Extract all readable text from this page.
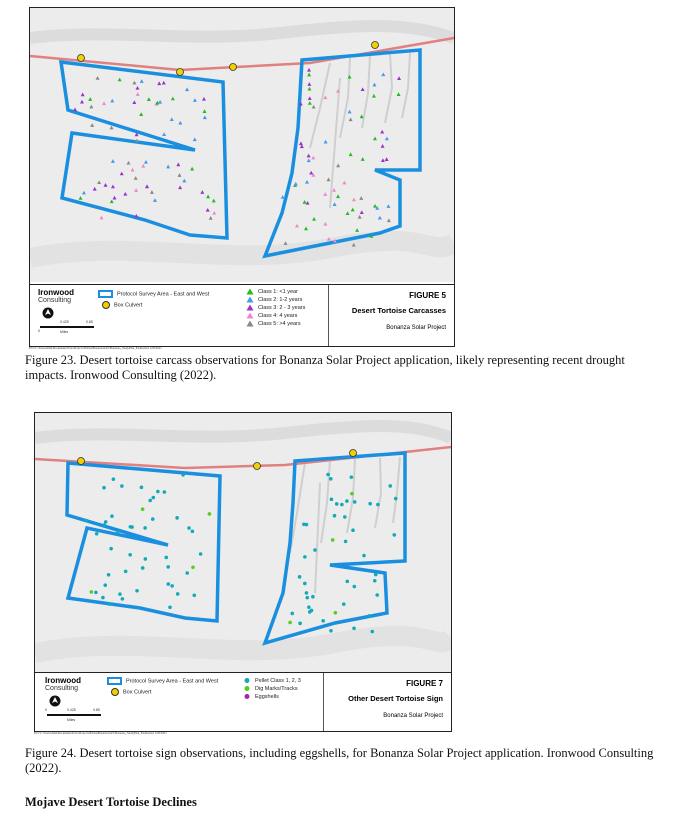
Ironwood
Consulting
0
0.425	0.85
Miles
Protocol Survey Area - East and West
Box Culvert
Class 1: <1 year
Class 2: 1-2 years
Class 3: 2 - 3 years
Class 4: 4 years
Class 5: >4 years
FIGURE 5
Desert Tortoise Carcasses
Bonanza Solar Project
EV2 C:\Users\dmd\Documents\ProGIS\ArcGIS\DataBonanza\GIS\Bonanza_StudyPlan_Exam.mxd 12/8/2021
Figure 23. Desert tortoise carcass observations for Bonanza Solar Project application, likely representing recent drought impacts. Ironwood Consulting (2022).
Ironwood
Consulting
0	0.425	0.85
Miles
Protocol Survey Area - East and West
Box Culvert
Pellet Class 1, 2, 3
Dig Marks/Tracks
Eggshells
FIGURE 7
Other Desert Tortoise Sign
Bonanza Solar Project
EV2 C:\Users\dmd\Documents\ProGIS\ArcGIS\DataBonanza\GIS\Bonanza_StudyPlan_Exam.mxd 12/8/2021
Figure 24. Desert tortoise sign observations, including eggshells, for Bonanza Solar Project application. Ironwood Consulting (2022).
Mojave Desert Tortoise Declines
